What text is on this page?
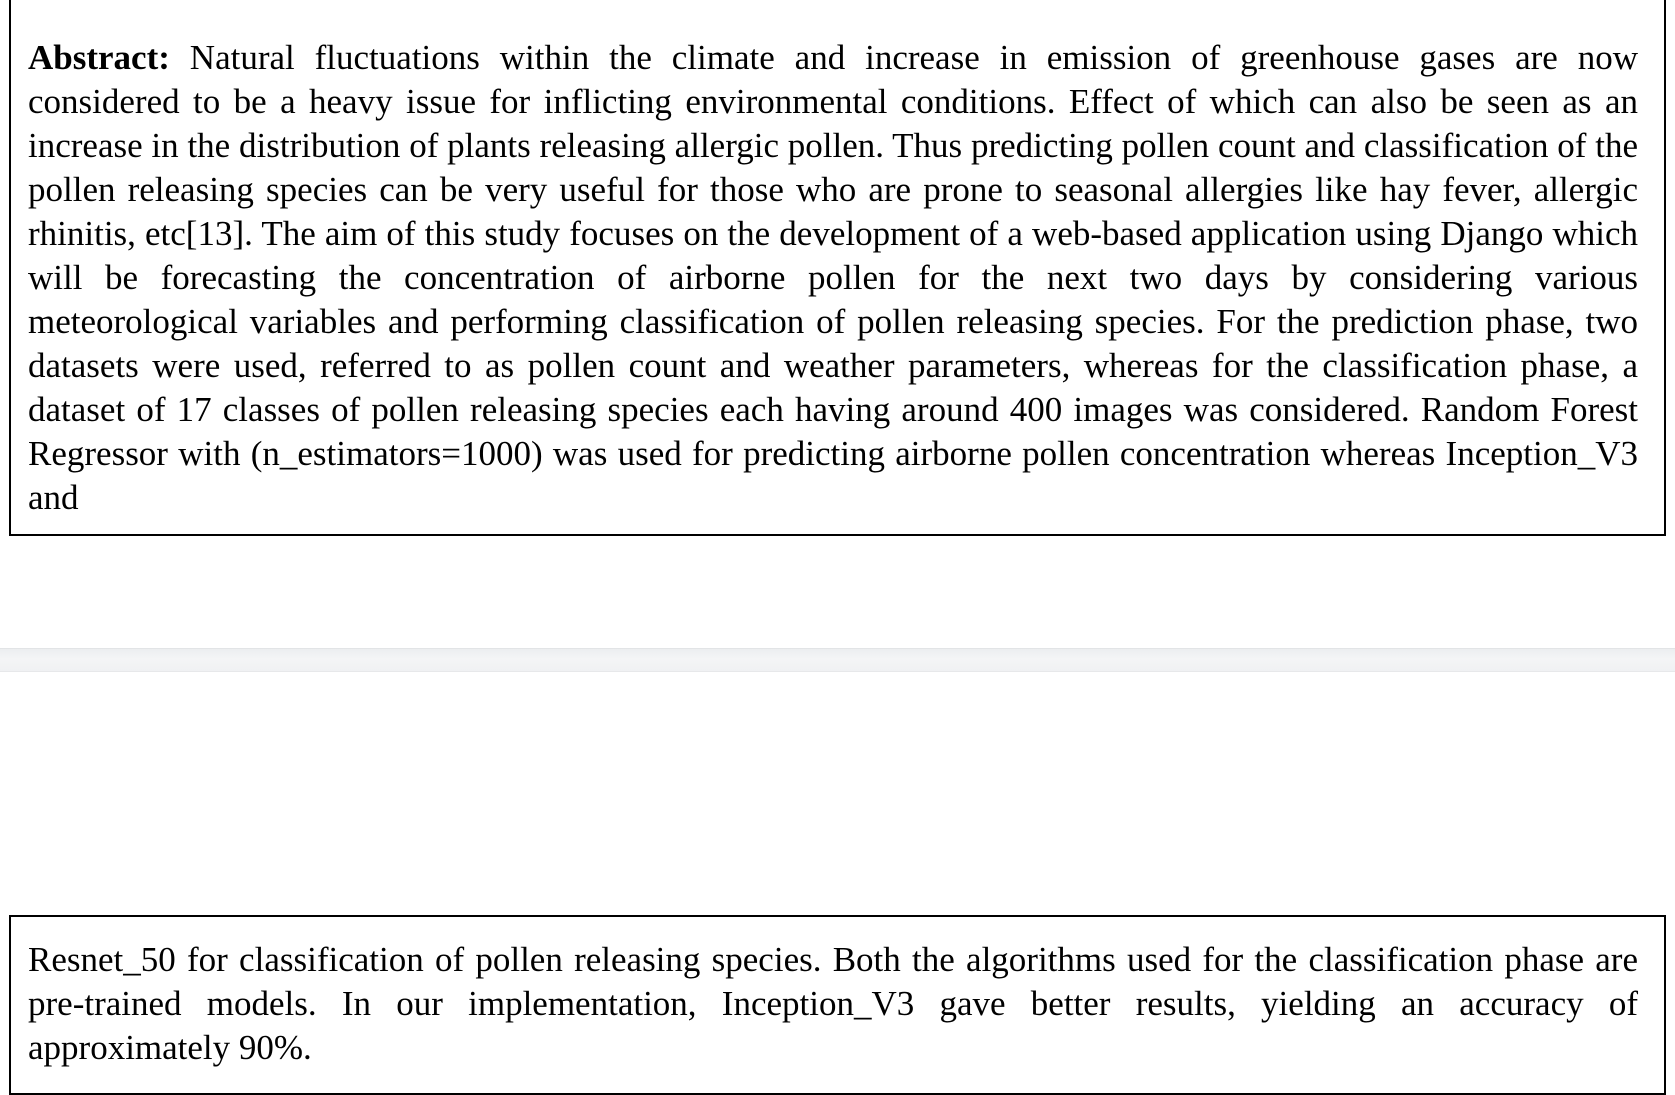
Abstract: Natural fluctuations within the climate and increase in emission of greenhouse gases are now considered to be a heavy issue for inflicting environmental conditions. Effect of which can also be seen as an increase in the distribution of plants releasing allergic pollen. Thus predicting pollen count and classification of the pollen releasing species can be very useful for those who are prone to seasonal allergies like hay fever, allergic rhinitis, etc[13]. The aim of this study focuses on the development of a web-based application using Django which will be forecasting the concentration of airborne pollen for the next two days by considering various meteorological variables and performing classification of pollen releasing species. For the prediction phase, two datasets were used, referred to as pollen count and weather parameters, whereas for the classification phase, a dataset of 17 classes of pollen releasing species each having around 400 images was considered. Random Forest Regressor with (n_estimators=1000) was used for predicting airborne pollen concentration whereas Inception_V3 and

Resnet_50 for classification of pollen releasing species. Both the algorithms used for the classification phase are pre-trained models. In our implementation, Inception_V3 gave better results, yielding an accuracy of approximately 90%.
